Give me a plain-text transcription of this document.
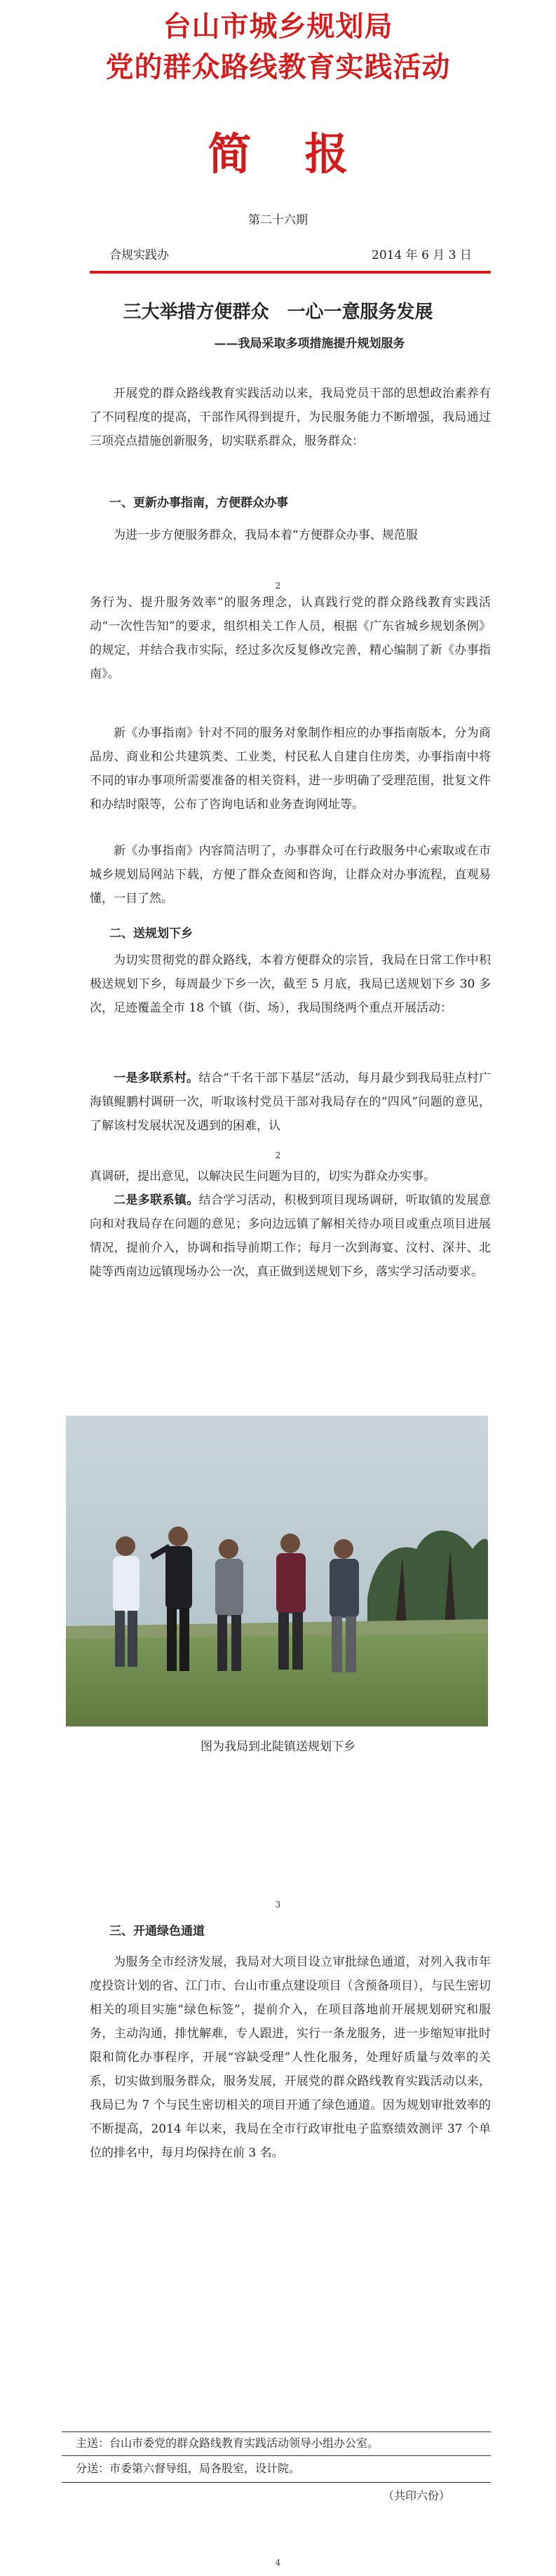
台山市城乡规划局
党的群众路线教育实践活动
简 报
第二十六期
合规实践办	2014 年 6 月 3 日
三大举措方便群众　一心一意服务发展
——我局采取多项措施提升规划服务

开展党的群众路线教育实践活动以来，我局党员干部的思想政治素养有了不同程度的提高，干部作风得到提升，为民服务能力不断增强，我局通过三项亮点措施创新服务，切实联系群众，服务群众：

一、更新办事指南，方便群众办事

为进一步方便服务群众，我局本着“方便群众办事、规范服

2

务行为、提升服务效率”的服务理念，认真践行党的群众路线教育实践活动“一次性告知”的要求，组织相关工作人员，根据《广东省城乡规划条例》的规定，并结合我市实际，经过多次反复修改完善，精心编制了新《办事指南》。

新《办事指南》针对不同的服务对象制作相应的办事指南版本，分为商品房、商业和公共建筑类、工业类，村民私人自建自住房类，办事指南中将不同的审办事项所需要准备的相关资料，进一步明确了受理范围，批复文件和办结时限等，公布了咨询电话和业务查询网址等。

新《办事指南》内容简洁明了，办事群众可在行政服务中心索取或在市城乡规划局网站下载，方便了群众查阅和咨询，让群众对办事流程，直观易懂，一目了然。

二、送规划下乡

为切实贯彻党的群众路线，本着方便群众的宗旨，我局在日常工作中积极送规划下乡，每周最少下乡一次，截至 5 月底，我局已送规划下乡 30 多次，足迹覆盖全市 18 个镇（街、场），我局围绕两个重点开展活动：

一是多联系村。结合“千名干部下基层”活动，每月最少到我局驻点村广海镇鲲鹏村调研一次，听取该村党员干部对我局存在的“四风”问题的意见，了解该村发展状况及遇到的困难，认

2

真调研，提出意见，以解决民生问题为目的，切实为群众办实事。

二是多联系镇。结合学习活动，积极到项目现场调研，听取镇的发展意向和对我局存在问题的意见；多向边远镇了解相关待办项目或重点项目进展情况，提前介入，协调和指导前期工作；每月一次到海宴、汶村、深井、北陡等西南边远镇现场办公一次，真正做到送规划下乡，落实学习活动要求。

图为我局到北陡镇送规划下乡
3
三、开通绿色通道

为服务全市经济发展，我局对大项目设立审批绿色通道，对列入我市年度投资计划的省、江门市、台山市重点建设项目（含预备项目），与民生密切相关的项目实施“绿色标签”，提前介入，在项目落地前开展规划研究和服务，主动沟通，排忧解难，专人跟进，实行一条龙服务，进一步缩短审批时限和简化办事程序，开展“容缺受理”人性化服务，处理好质量与效率的关系，切实做到服务群众，服务发展，开展党的群众路线教育实践活动以来，我局已为 7 个与民生密切相关的项目开通了绿色通道。因为规划审批效率的不断提高，2014 年以来，我局在全市行政审批电子监察绩效测评 37 个单位的排名中，每月均保持在前 3 名。

主送：台山市委党的群众路线教育实践活动领导小组办公室。
分送：市委第六督导组，局各股室，设计院。
（共印六份）
4
